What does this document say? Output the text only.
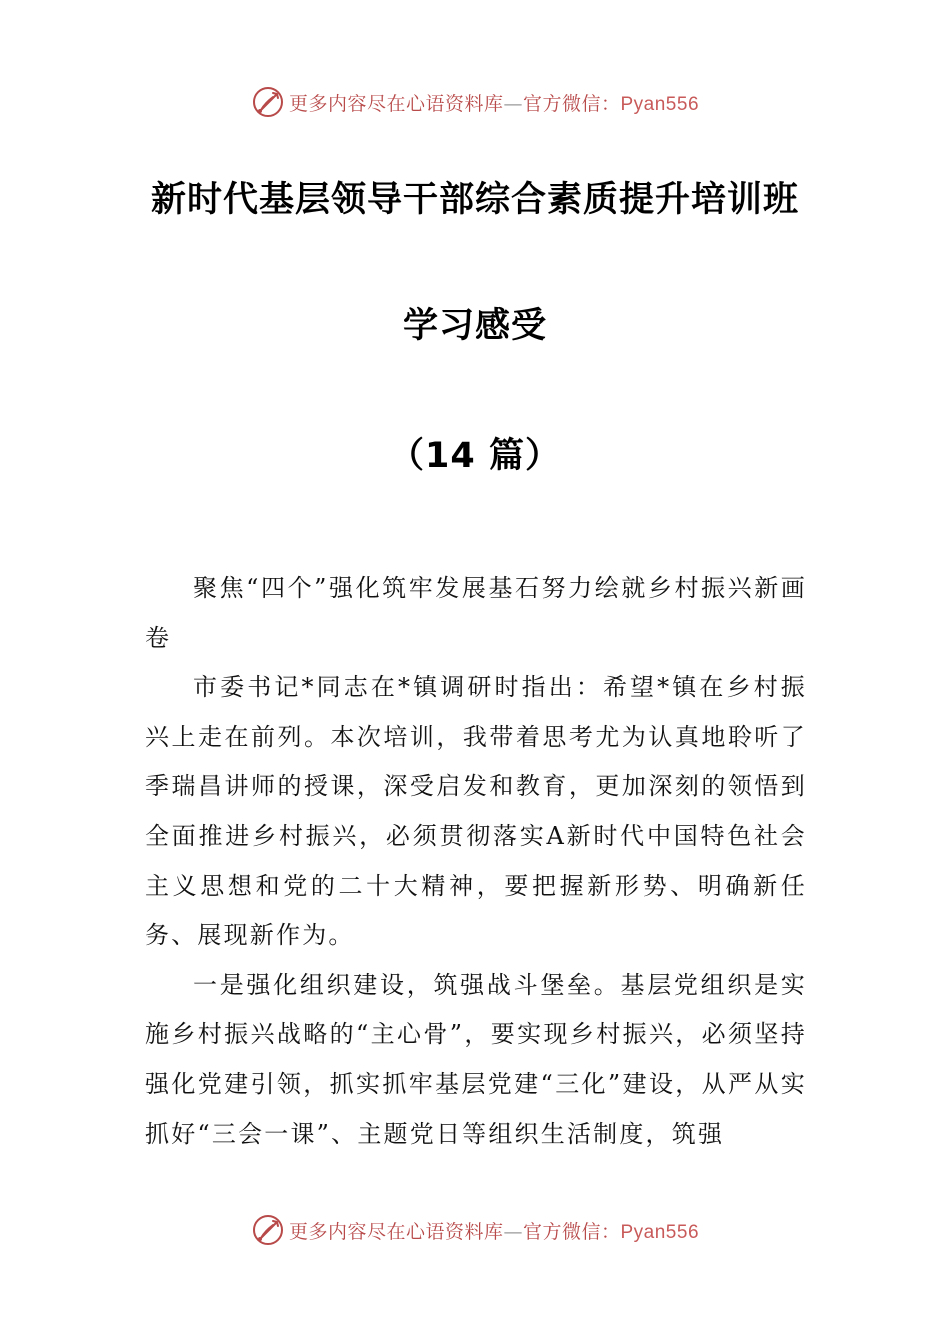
更多内容尽在心语资料库—官方微信：Pyan556
新时代基层领导干部综合素质提升培训班
学习感受
（14 篇）

聚焦“四个”强化筑牢发展基石努力绘就乡村振兴新画卷

市委书记*同志在*镇调研时指出：希望*镇在乡村振兴上走在前列。本次培训，我带着思考尤为认真地聆听了季瑞昌讲师的授课，深受启发和教育，更加深刻的领悟到全面推进乡村振兴，必须贯彻落实A新时代中国特色社会主义思想和党的二十大精神，要把握新形势、明确新任务、展现新作为。

一是强化组织建设，筑强战斗堡垒。基层党组织是实施乡村振兴战略的“主心骨”，要实现乡村振兴，必须坚持强化党建引领，抓实抓牢基层党建“三化”建设，从严从实抓好“三会一课”、主题党日等组织生活制度，筑强

更多内容尽在心语资料库—官方微信：Pyan556
